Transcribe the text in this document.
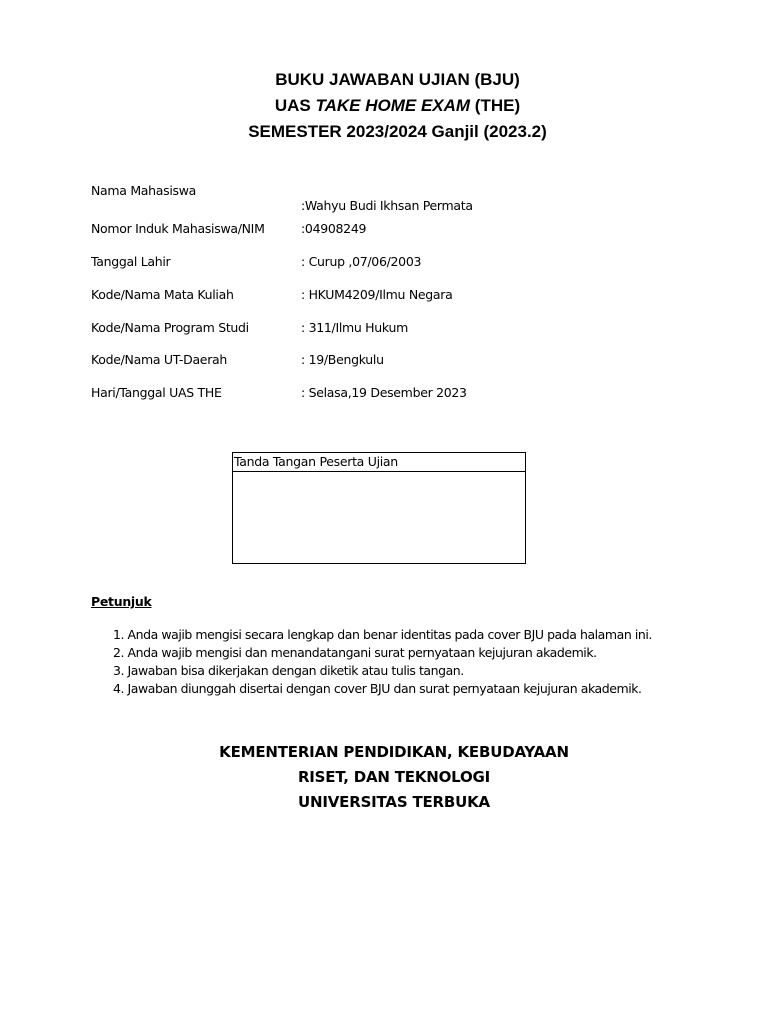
BUKU JAWABAN UJIAN (BJU)
UAS TAKE HOME EXAM (THE)
SEMESTER 2023/2024 Ganjil (2023.2)
Nama Mahasiswa
:Wahyu Budi Ikhsan Permata
Nomor Induk Mahasiswa/NIM	:04908249
Tanggal Lahir	: Curup ,07/06/2003
Kode/Nama Mata Kuliah	: HKUM4209/Ilmu Negara
Kode/Nama Program Studi	: 311/Ilmu Hukum
Kode/Nama UT-Daerah	: 19/Bengkulu
Hari/Tanggal UAS THE	: Selasa,19 Desember 2023
Tanda Tangan Peserta Ujian
Petunjuk
1. Anda wajib mengisi secara lengkap dan benar identitas pada cover BJU pada halaman ini.
2. Anda wajib mengisi dan menandatangani surat pernyataan kejujuran akademik.
3. Jawaban bisa dikerjakan dengan diketik atau tulis tangan.
4. Jawaban diunggah disertai dengan cover BJU dan surat pernyataan kejujuran akademik.
KEMENTERIAN PENDIDIKAN, KEBUDAYAAN
RISET, DAN TEKNOLOGI
UNIVERSITAS TERBUKA
